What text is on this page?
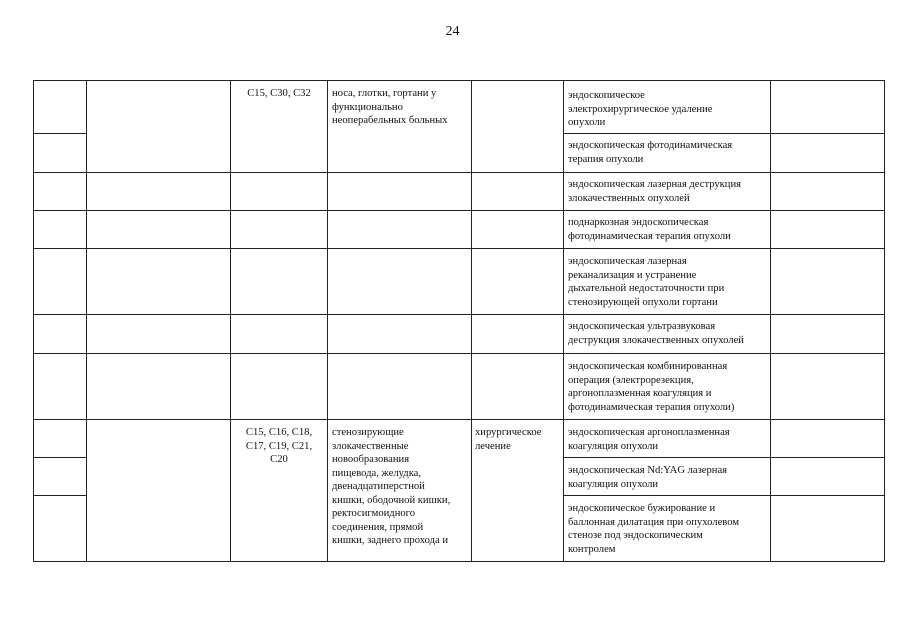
24
С15, С30, С32	носа, глотки, гортани у
функционально
неоперабельных больных
эндоскопическое
электрохирургическое удаление
опухоли
эндоскопическая фотодинамическая
терапия опухоли
эндоскопическая лазерная деструкция
злокачественных опухолей
поднаркозная эндоскопическая
фотодинамическая терапия опухоли
эндоскопическая лазерная
реканализация и устранение
дыхательной недостаточности при
стенозирующей опухоли гортани
эндоскопическая ультразвуковая
деструкция злокачественных опухолей
эндоскопическая комбинированная
операция (электрорезекция,
аргоноплазменная коагуляция и
фотодинамическая терапия опухоли)
С15, С16, С18,
С17, С19, С21,
С20
стенозирующие
злокачественные
новообразования
пищевода, желудка,
двенадцатиперстной
кишки, ободочной кишки,
ректосигмоидного
соединения, прямой
кишки, заднего прохода и
хирургическое
лечение
эндоскопическая аргоноплазменная
коагуляция опухоли
эндоскопическая Nd:YAG лазерная
коагуляция опухоли
эндоскопическое бужирование и
баллонная дилатация при опухолевом
стенозе под эндоскопическим
контролем
